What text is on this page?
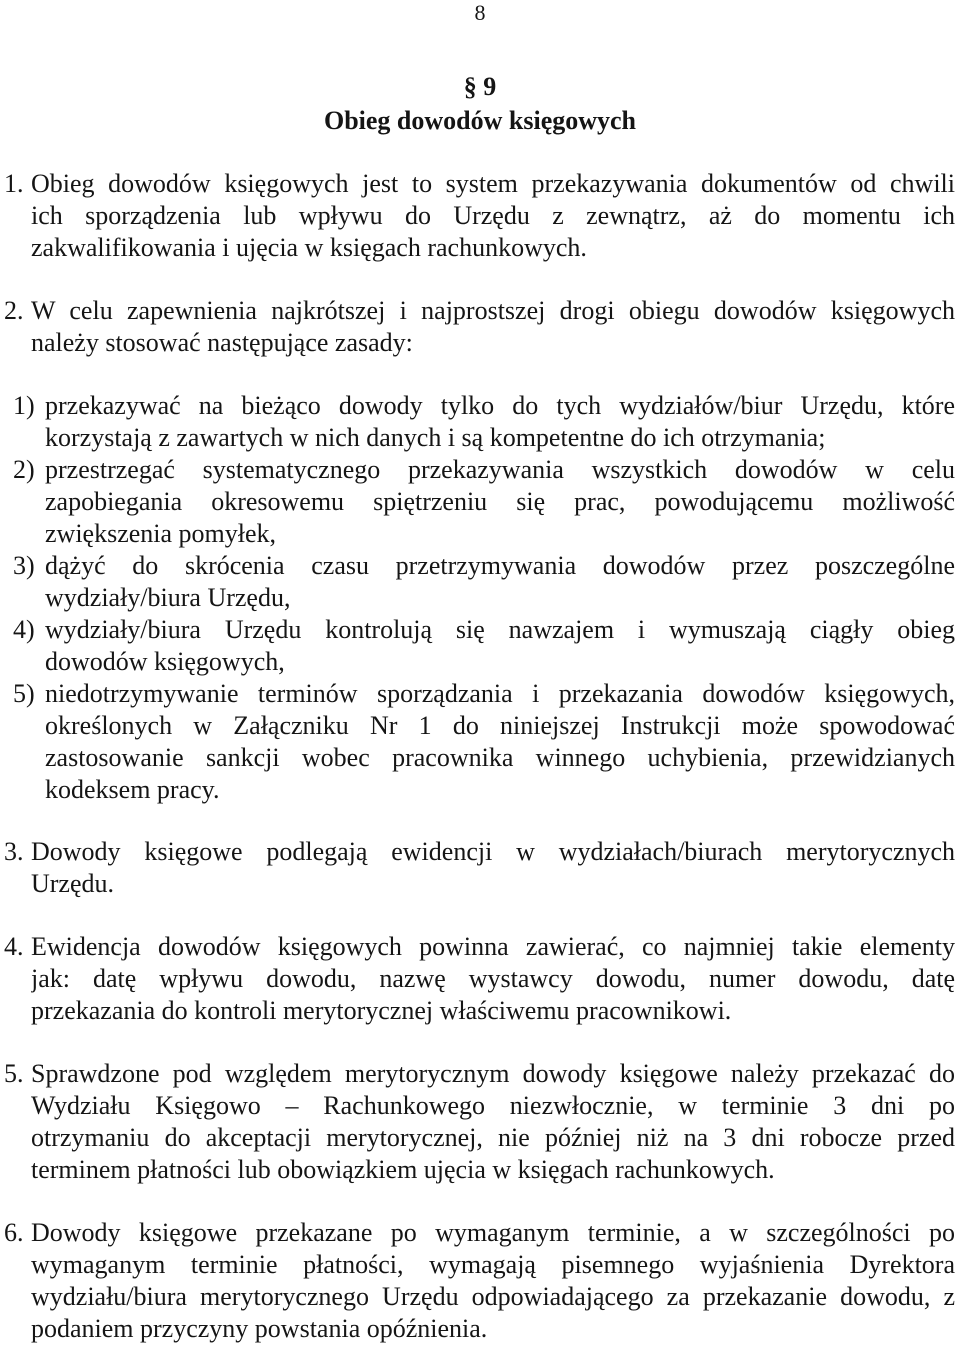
8
§ 9
Obieg dowodów księgowych
1. Obieg dowodów księgowych jest to system przekazywania dokumentów od chwili
ich sporządzenia lub wpływu do Urzędu z zewnątrz, aż do momentu ich
zakwalifikowania i ujęcia w księgach rachunkowych.
2. W celu zapewnienia najkrótszej i najprostszej drogi obiegu dowodów księgowych
należy stosować następujące zasady:
1) przekazywać na bieżąco dowody tylko do tych wydziałów/biur Urzędu, które
korzystają z zawartych w nich danych i są kompetentne do ich otrzymania;
2) przestrzegać systematycznego przekazywania wszystkich dowodów w celu
zapobiegania okresowemu spiętrzeniu się prac, powodującemu możliwość
zwiększenia pomyłek,
3) dążyć do skrócenia czasu przetrzymywania dowodów przez poszczególne
wydziały/biura Urzędu,
4) wydziały/biura Urzędu kontrolują się nawzajem i wymuszają ciągły obieg
dowodów księgowych,
5) niedotrzymywanie terminów sporządzania i przekazania dowodów księgowych,
określonych w Załączniku Nr 1 do niniejszej Instrukcji może spowodować
zastosowanie sankcji wobec pracownika winnego uchybienia, przewidzianych
kodeksem pracy.
3. Dowody księgowe podlegają ewidencji w wydziałach/biurach merytorycznych
Urzędu.
4. Ewidencja dowodów księgowych powinna zawierać, co najmniej takie elementy
jak: datę wpływu dowodu, nazwę wystawcy dowodu, numer dowodu, datę
przekazania do kontroli merytorycznej właściwemu pracownikowi.
5. Sprawdzone pod względem merytorycznym dowody księgowe należy przekazać do
Wydziału Księgowo – Rachunkowego niezwłocznie, w terminie 3 dni po
otrzymaniu do akceptacji merytorycznej, nie później niż na 3 dni robocze przed
terminem płatności lub obowiązkiem ujęcia w księgach rachunkowych.
6. Dowody księgowe przekazane po wymaganym terminie, a w szczególności po
wymaganym terminie płatności, wymagają pisemnego wyjaśnienia Dyrektora
wydziału/biura merytorycznego Urzędu odpowiadającego za przekazanie dowodu, z
podaniem przyczyny powstania opóźnienia.
